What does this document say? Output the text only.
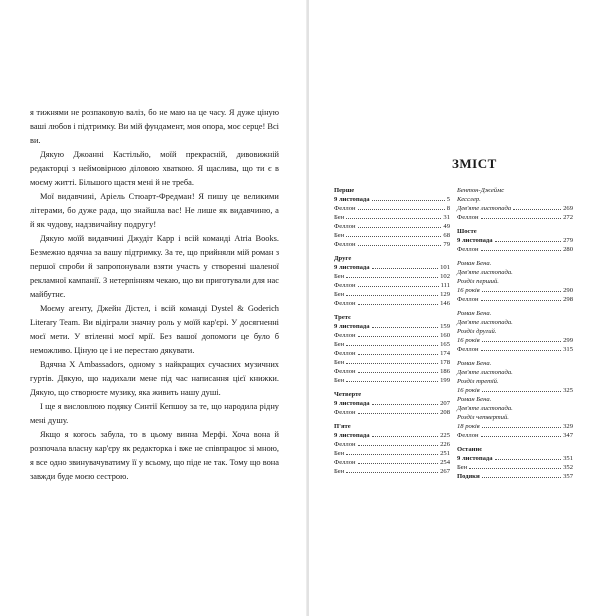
я тижнями не розпаковую валіз, бо не маю на це часу. Я дуже ціную ваші любов і підтримку. Ви мій фундамент, моя опора, моє серце! Всі ви.

Дякую Джоанні Кастільйо, моїй прекрасній, дивовижній редакторці з неймовірною діловою хваткою. Я щаслива, що ти є в моєму житті. Більшого щастя мені й не треба.

Мої видавчині, Аріель Стюарт-Фредман! Я пишу це великими літерами, бо дуже рада, що знайшла вас! Не лише як видавчиню, а й як чудову, надзвичайну подругу!

Дякую моїй видавчині Джудіт Карр і всій команді Atria Books. Безмежно вдячна за вашу підтримку. За те, що прийняли мій роман з першої спроби й запропонували взяти участь у створенні шаленої рекламної кампанії. З нетерпінням чекаю, що ви приготували для нас майбутнє.

Моєму агенту, Джейн Дістел, і всій команді Dystel & Goderich Literary Team. Ви відіграли значну роль у моїй кар'єрі. У досягненні моєї мети. У втіленні моєї мрії. Без вашої допомоги це було б неможливо. Ціную це і не перестаю дякувати.

Вдячна X Ambassadors, одному з найкращих сучасних музичних гуртів. Дякую, що надихали мене під час написання цієї книжки. Дякую, що створюєте музику, яка живить нашу душі.

І ще я висловлюю подяку Синтії Кепшоу за те, що народила рідну мені душу.

Якщо я когось забула, то в цьому винна Мерфі. Хоча вона й розпочала власну кар'єру як редакторка і вже не співпрацює зі мною, я все одно звинувачуватиму її у всьому, що піде не так. Тому що вона завжди буде моєю сестрою.

ЗМІСТ
Перше
9 листопада	5
Феллон	8
Бен	31
Феллон	49
Бен	68
Феллон	79
Друге
9 листопада	101
Бен	102
Феллон	111
Бен	129
Феллон	146
Третє
9 листопада	159
Феллон	160
Бен	165
Феллон	174
Бен	178
Феллон	186
Бен	199
Четверте
9 листопада	207
Феллон	208
П'яте
9 листопада	225
Феллон	226
Бен	251
Феллон	254
Бен	267
Бентон-Джеймс
Кесслер.
Дев'яте листопада	269
Феллон	272
Шосте
9 листопада	279
Феллон	280
Роман Бена.
Дев'яте листопада.
Розділ перший.
16 років	290
Феллон	298
Роман Бена.
Дев'яте листопада.
Розділ другий.
16 років	299
Феллон	315
Роман Бена.
Дев'яте листопада.
Розділ третій.
16 років	325
Роман Бена.
Дев'яте листопада.
Розділ четвертий.
18 років	329
Феллон	347
Останнє
9 листопада	351
Бен	352
Подяки	357
